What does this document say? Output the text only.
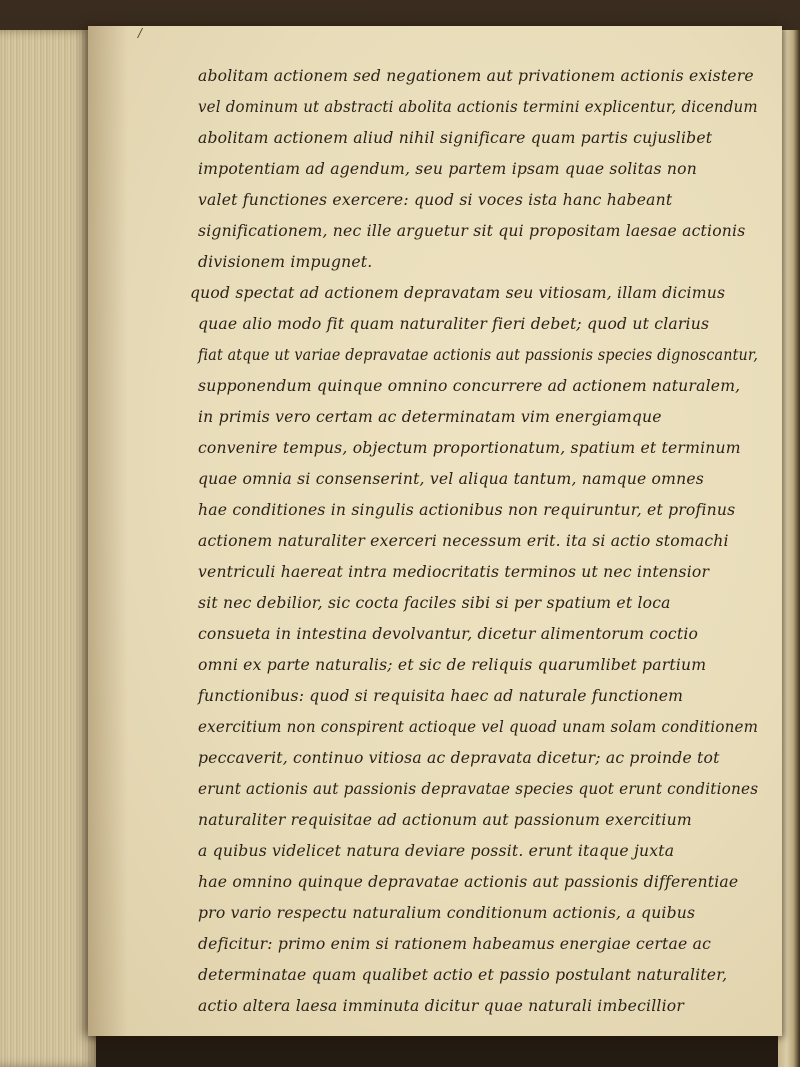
/
abolitam actionem sed negationem aut privationem actionis existere
vel dominum ut abstracti abolita actionis termini explicentur, dicendum
abolitam actionem aliud nihil significare quam partis cujuslibet
impotentiam ad agendum, seu partem ipsam quae solitas non
valet functiones exercere: quod si voces ista hanc habeant
significationem, nec ille arguetur sit qui propositam laesae actionis
divisionem impugnet.
quod spectat ad actionem depravatam seu vitiosam, illam dicimus
quae alio modo fit quam naturaliter fieri debet; quod ut clarius
fiat atque ut variae depravatae actionis aut passionis species dignoscantur,
supponendum quinque omnino concurrere ad actionem naturalem,
in primis vero certam ac determinatam vim energiamque
convenire tempus, objectum proportionatum, spatium et terminum
quae omnia si consenserint, vel aliqua tantum, namque omnes
hae conditiones in singulis actionibus non requiruntur, et profinus
actionem naturaliter exerceri necessum erit. ita si actio stomachi
ventriculi haereat intra mediocritatis terminos ut nec intensior
sit nec debilior, sic cocta faciles sibi si per spatium et loca
consueta in intestina devolvantur, dicetur alimentorum coctio
omni ex parte naturalis; et sic de reliquis quarumlibet partium
functionibus: quod si requisita haec ad naturale functionem
exercitium non conspirent actioque vel quoad unam solam conditionem
peccaverit, continuo vitiosa ac depravata dicetur; ac proinde tot
erunt actionis aut passionis depravatae species quot erunt conditiones
naturaliter requisitae ad actionum aut passionum exercitium
a quibus videlicet natura deviare possit. erunt itaque juxta
hae omnino quinque depravatae actionis aut passionis differentiae
pro vario respectu naturalium conditionum actionis, a quibus
deficitur: primo enim si rationem habeamus energiae certae ac
determinatae quam qualibet actio et passio postulant naturaliter,
actio altera laesa imminuta dicitur quae naturali imbecillior
